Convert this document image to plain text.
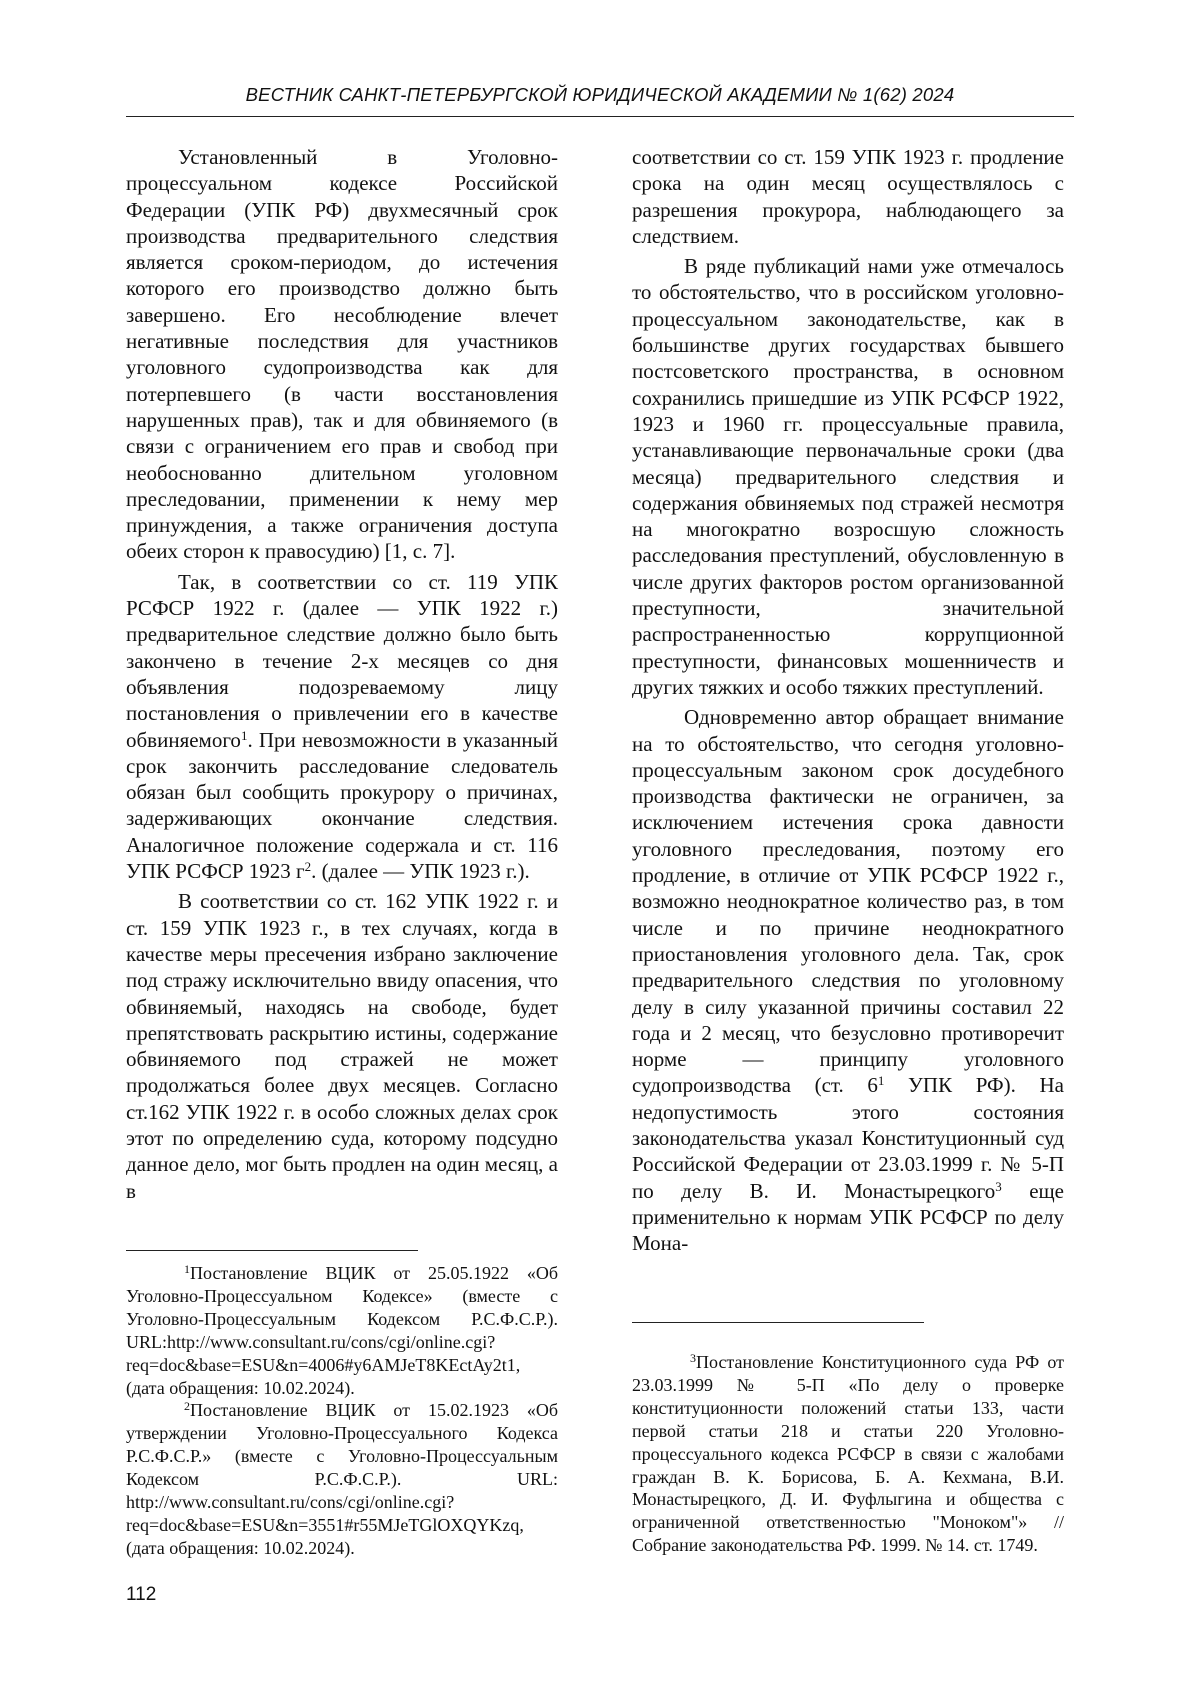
ВЕСТНИК САНКТ-ПЕТЕРБУРГСКОЙ ЮРИДИЧЕСКОЙ АКАДЕМИИ № 1(62) 2024

Установленный в Уголовно-процессуальном кодексе Российской Федерации (УПК РФ) двухмесячный срок производства предварительного следствия является сроком-периодом, до истечения которого его производство должно быть завершено. Его несоблюдение влечет негативные последствия для участников уголовного судопроизводства как для потерпевшего (в части восстановления нарушенных прав), так и для обвиняемого (в связи с ограничением его прав и свобод при необоснованно длительном уголовном преследовании, применении к нему мер принуждения, а также ограничения доступа обеих сторон к правосудию) [1, с. 7].

Так, в соответствии со ст. 119 УПК РСФСР 1922 г. (далее — УПК 1922 г.) предварительное следствие должно было быть закончено в течение 2-х месяцев со дня объявления подозреваемому лицу постановления о привлечении его в качестве обвиняемого$^1$. При невозможности в указанный срок закончить расследование следователь обязан был сообщить прокурору о причинах, задерживающих окончание следствия. Аналогичное положение содержала и ст. 116 УПК РСФСР 1923 $г^2$. (далее — УПК 1923 г.).

В соответствии со ст. 162 УПК 1922 г. и ст. 159 УПК 1923 г., в тех случаях, когда в качестве меры пресечения избрано заключение под стражу исключительно ввиду опасения, что обвиняемый, находясь на свободе, будет препятствовать раскрытию истины, содержание обвиняемого под стражей не может продолжаться более двух месяцев. Согласно ст.162 УПК 1922 г. в особо сложных делах срок этот по определению суда, которому подсудно данное дело, мог быть продлен на один месяц, а в

соответствии со ст. 159 УПК 1923 г. продление срока на один месяц осуществлялось с разрешения прокурора, наблюдающего за следствием.

В ряде публикаций нами уже отмечалось то обстоятельство, что в российском уголовно-процессуальном законодательстве, как в большинстве других государствах бывшего постсоветского пространства, в основном сохранились пришедшие из УПК РСФСР 1922, 1923 и 1960 гг. процессуальные правила, устанавливающие первоначальные сроки (два месяца) предварительного следствия и содержания обвиняемых под стражей несмотря на многократно возросшую сложность расследования преступлений, обусловленную в числе других факторов ростом организованной преступности, значительной распространенностью коррупционной преступности, финансовых мошенничеств и других тяжких и особо тяжких преступлений.

Одновременно автор обращает внимание на то обстоятельство, что сегодня уголовно-процессуальным законом срок досудебного производства фактически не ограничен, за исключением истечения срока давности уголовного преследования, поэтому его продление, в отличие от УПК РСФСР 1922 г., возможно неоднократное количество раз, в том числе и по причине неоднократного приостановления уголовного дела. Так, срок предварительного следствия по уголовному делу в силу указанной причины составил 22 года и 2 месяц, что безусловно противоречит норме — принципу уголовного судопроизводства (ст. $6^1$ УПК РФ). На недопустимость этого состояния законодательства указал Конституционный суд Российской Федерации от 23.03.1999 г. № 5-П по делу В. И. Монастырецкого$^3$ еще применительно к нормам УПК РСФСР по делу Мона-

$^1$Постановление ВЦИК от 25.05.1922 «Об Уголовно-Процессуальном Кодексе» (вместе с Уголовно-Процессуальным Кодексом Р.С.Ф.С.Р.). URL:http://www.consultant.ru/cons/cgi/online.cgi?req=doc&base=ESU&n=4006#y6AMJeT8KEctAy2t1, (дата обращения: 10.02.2024).

$^2$Постановление ВЦИК от 15.02.1923 «Об утверждении Уголовно-Процессуального Кодекса Р.С.Ф.С.Р.» (вместе с Уголовно-Процессуальным Кодексом Р.С.Ф.С.Р.). URL: http://www.consultant.ru/cons/cgi/online.cgi?req=doc&base=ESU&n=3551#r55MJeTGlOXQYKzq, (дата обращения: 10.02.2024).

$^3$Постановление Конституционного суда РФ от 23.03.1999 № 5-П «По делу о проверке конституционности положений статьи 133, части первой статьи 218 и статьи 220 Уголовно-процессуального кодекса РСФСР в связи с жалобами граждан В. К. Борисова, Б. А. Кехмана, В.И. Монастырецкого, Д. И. Фуфлыгина и общества с ограниченной ответственностью "Моноком"» // Собрание законодательства РФ. 1999. № 14. ст. 1749.

112
